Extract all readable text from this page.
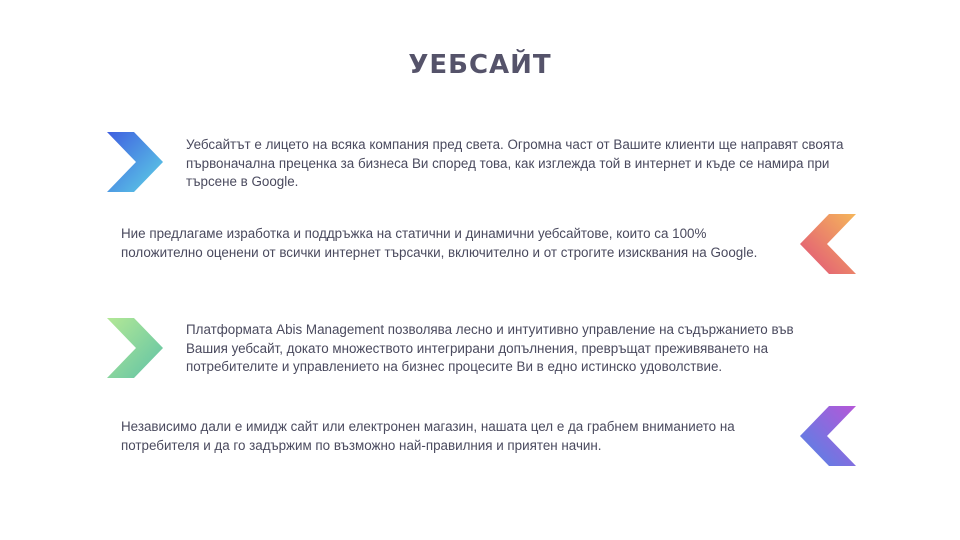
УЕБСАЙТ
Уебсайтът е лицето на всяка компания пред света. Огромна част от Вашите клиенти ще направят своята първоначална преценка за бизнеса Ви според това, как изглежда той в интернет и къде се намира при търсене в Google.
Ние предлагаме изработка и поддръжка на статични и динамични уебсайтове, които са 100% положително оценени от всички интернет търсачки, включително и от строгите изисквания на Google.
Платформата Abis Management позволява лесно и интуитивно управление на съдържанието във Вашия уебсайт, докато множеството интегрирани допълнения, превръщат преживяването на потребителите и управлението на бизнес процесите Ви в едно истинско удоволствие.
Независимо дали е имидж сайт или електронен магазин, нашата цел е да грабнем вниманието на потребителя и да го задържим по възможно най-правилния и приятен начин.
